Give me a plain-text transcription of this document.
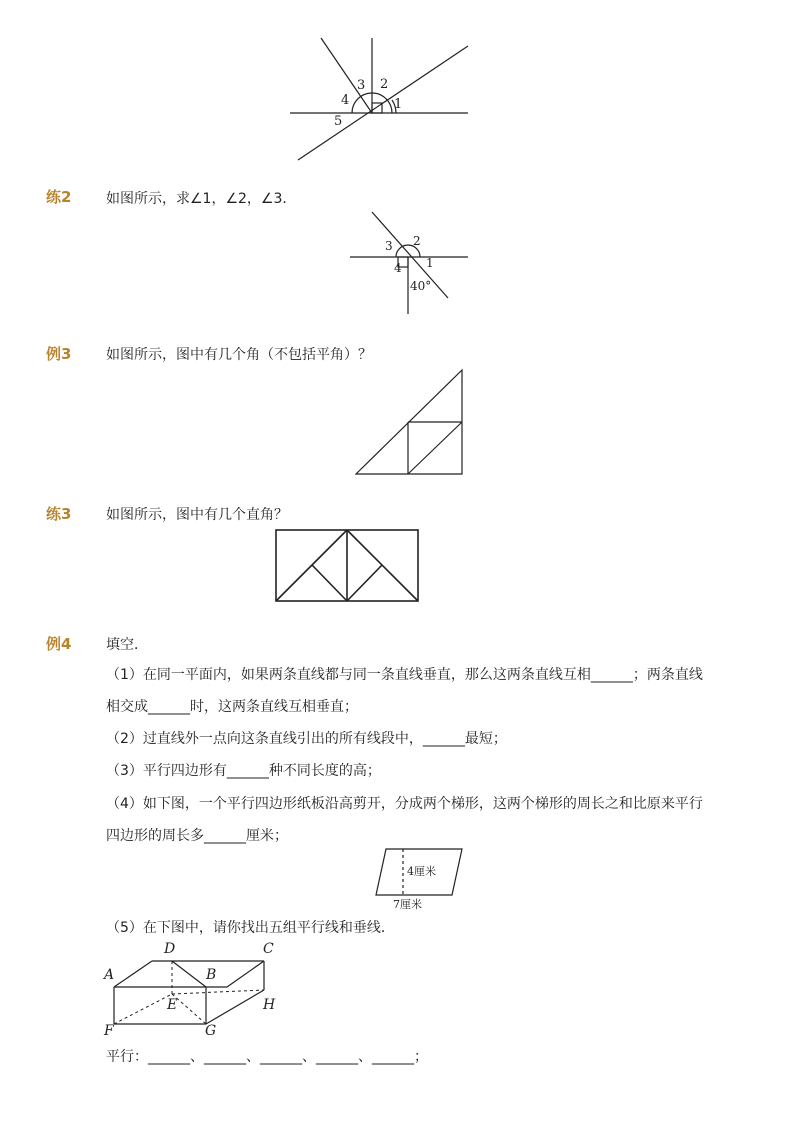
1
2
3
4
5
练2 如图所示，求∠1，∠2，∠3．
3 2
4 1
40°
例3 如图所示，图中有几个角（不包括平角）？
练3 如图所示，图中有几个直角？
例4 填空．
（1）在同一平面内，如果两条直线都与同一条直线垂直，那么这两条直线互相______；两条直线
相交成______时，这两条直线互相垂直；
（2）过直线外一点向这条直线引出的所有线段中，______最短；
（3）平行四边形有______种不同长度的高；
（4）如下图，一个平行四边形纸板沿高剪开，分成两个梯形，这两个梯形的周长之和比原来平行
四边形的周长多______厘米；
4厘米
7厘米
（5）在下图中，请你找出五组平行线和垂线．
A
D	C
B
E	H
F	G
平行：______、______、______、______、______；
